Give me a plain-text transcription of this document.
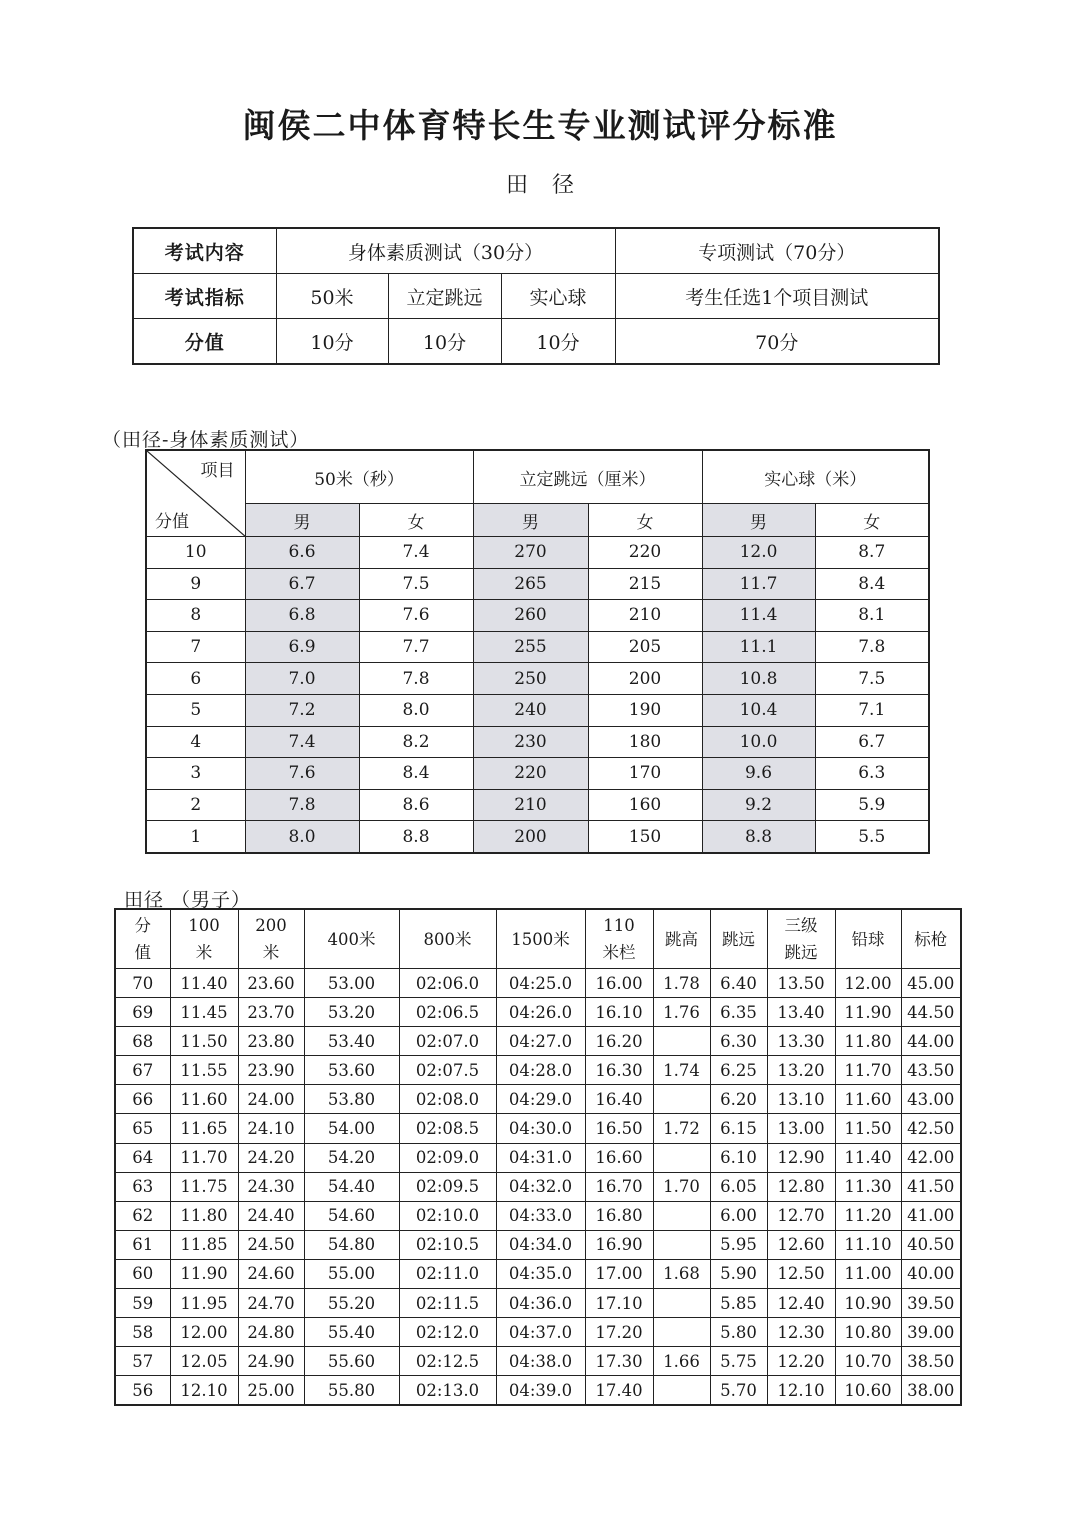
闽侯二中体育特长生专业测试评分标准
田径
考试内容	身体素质测试（30分）			专项测试（70分）
考试指标	50米	立定跳远	实心球	考生任选1个项目测试
分值	10分	10分	10分	70分
（田径-身体素质测试）
项目
分值	50米（秒）		立定跳远（厘米）		实心球（米）	
	男	女	男	女	男	女
10	6.6	7.4	270	220	12.0	8.7
9	6.7	7.5	265	215	11.7	8.4
8	6.8	7.6	260	210	11.4	8.1
7	6.9	7.7	255	205	11.1	7.8
6	7.0	7.8	250	200	10.8	7.5
5	7.2	8.0	240	190	10.4	7.1
4	7.4	8.2	230	180	10.0	6.7
3	7.6	8.4	220	170	9.6	6.3
2	7.8	8.6	210	160	9.2	5.9
1	8.0	8.8	200	150	8.8	5.5
田径 （男子）
分
值	100
米	200
米	400米	800米	1500米	110
米栏	跳高	跳远	三级
跳远	铅球	标枪
70	11.40	23.60	53.00	02:06.0	04:25.0	16.00	1.78	6.40	13.50	12.00	45.00
69	11.45	23.70	53.20	02:06.5	04:26.0	16.10	1.76	6.35	13.40	11.90	44.50
68	11.50	23.80	53.40	02:07.0	04:27.0	16.20		6.30	13.30	11.80	44.00
67	11.55	23.90	53.60	02:07.5	04:28.0	16.30	1.74	6.25	13.20	11.70	43.50
66	11.60	24.00	53.80	02:08.0	04:29.0	16.40		6.20	13.10	11.60	43.00
65	11.65	24.10	54.00	02:08.5	04:30.0	16.50	1.72	6.15	13.00	11.50	42.50
64	11.70	24.20	54.20	02:09.0	04:31.0	16.60		6.10	12.90	11.40	42.00
63	11.75	24.30	54.40	02:09.5	04:32.0	16.70	1.70	6.05	12.80	11.30	41.50
62	11.80	24.40	54.60	02:10.0	04:33.0	16.80		6.00	12.70	11.20	41.00
61	11.85	24.50	54.80	02:10.5	04:34.0	16.90		5.95	12.60	11.10	40.50
60	11.90	24.60	55.00	02:11.0	04:35.0	17.00	1.68	5.90	12.50	11.00	40.00
59	11.95	24.70	55.20	02:11.5	04:36.0	17.10		5.85	12.40	10.90	39.50
58	12.00	24.80	55.40	02:12.0	04:37.0	17.20		5.80	12.30	10.80	39.00
57	12.05	24.90	55.60	02:12.5	04:38.0	17.30	1.66	5.75	12.20	10.70	38.50
56	12.10	25.00	55.80	02:13.0	04:39.0	17.40		5.70	12.10	10.60	38.00
